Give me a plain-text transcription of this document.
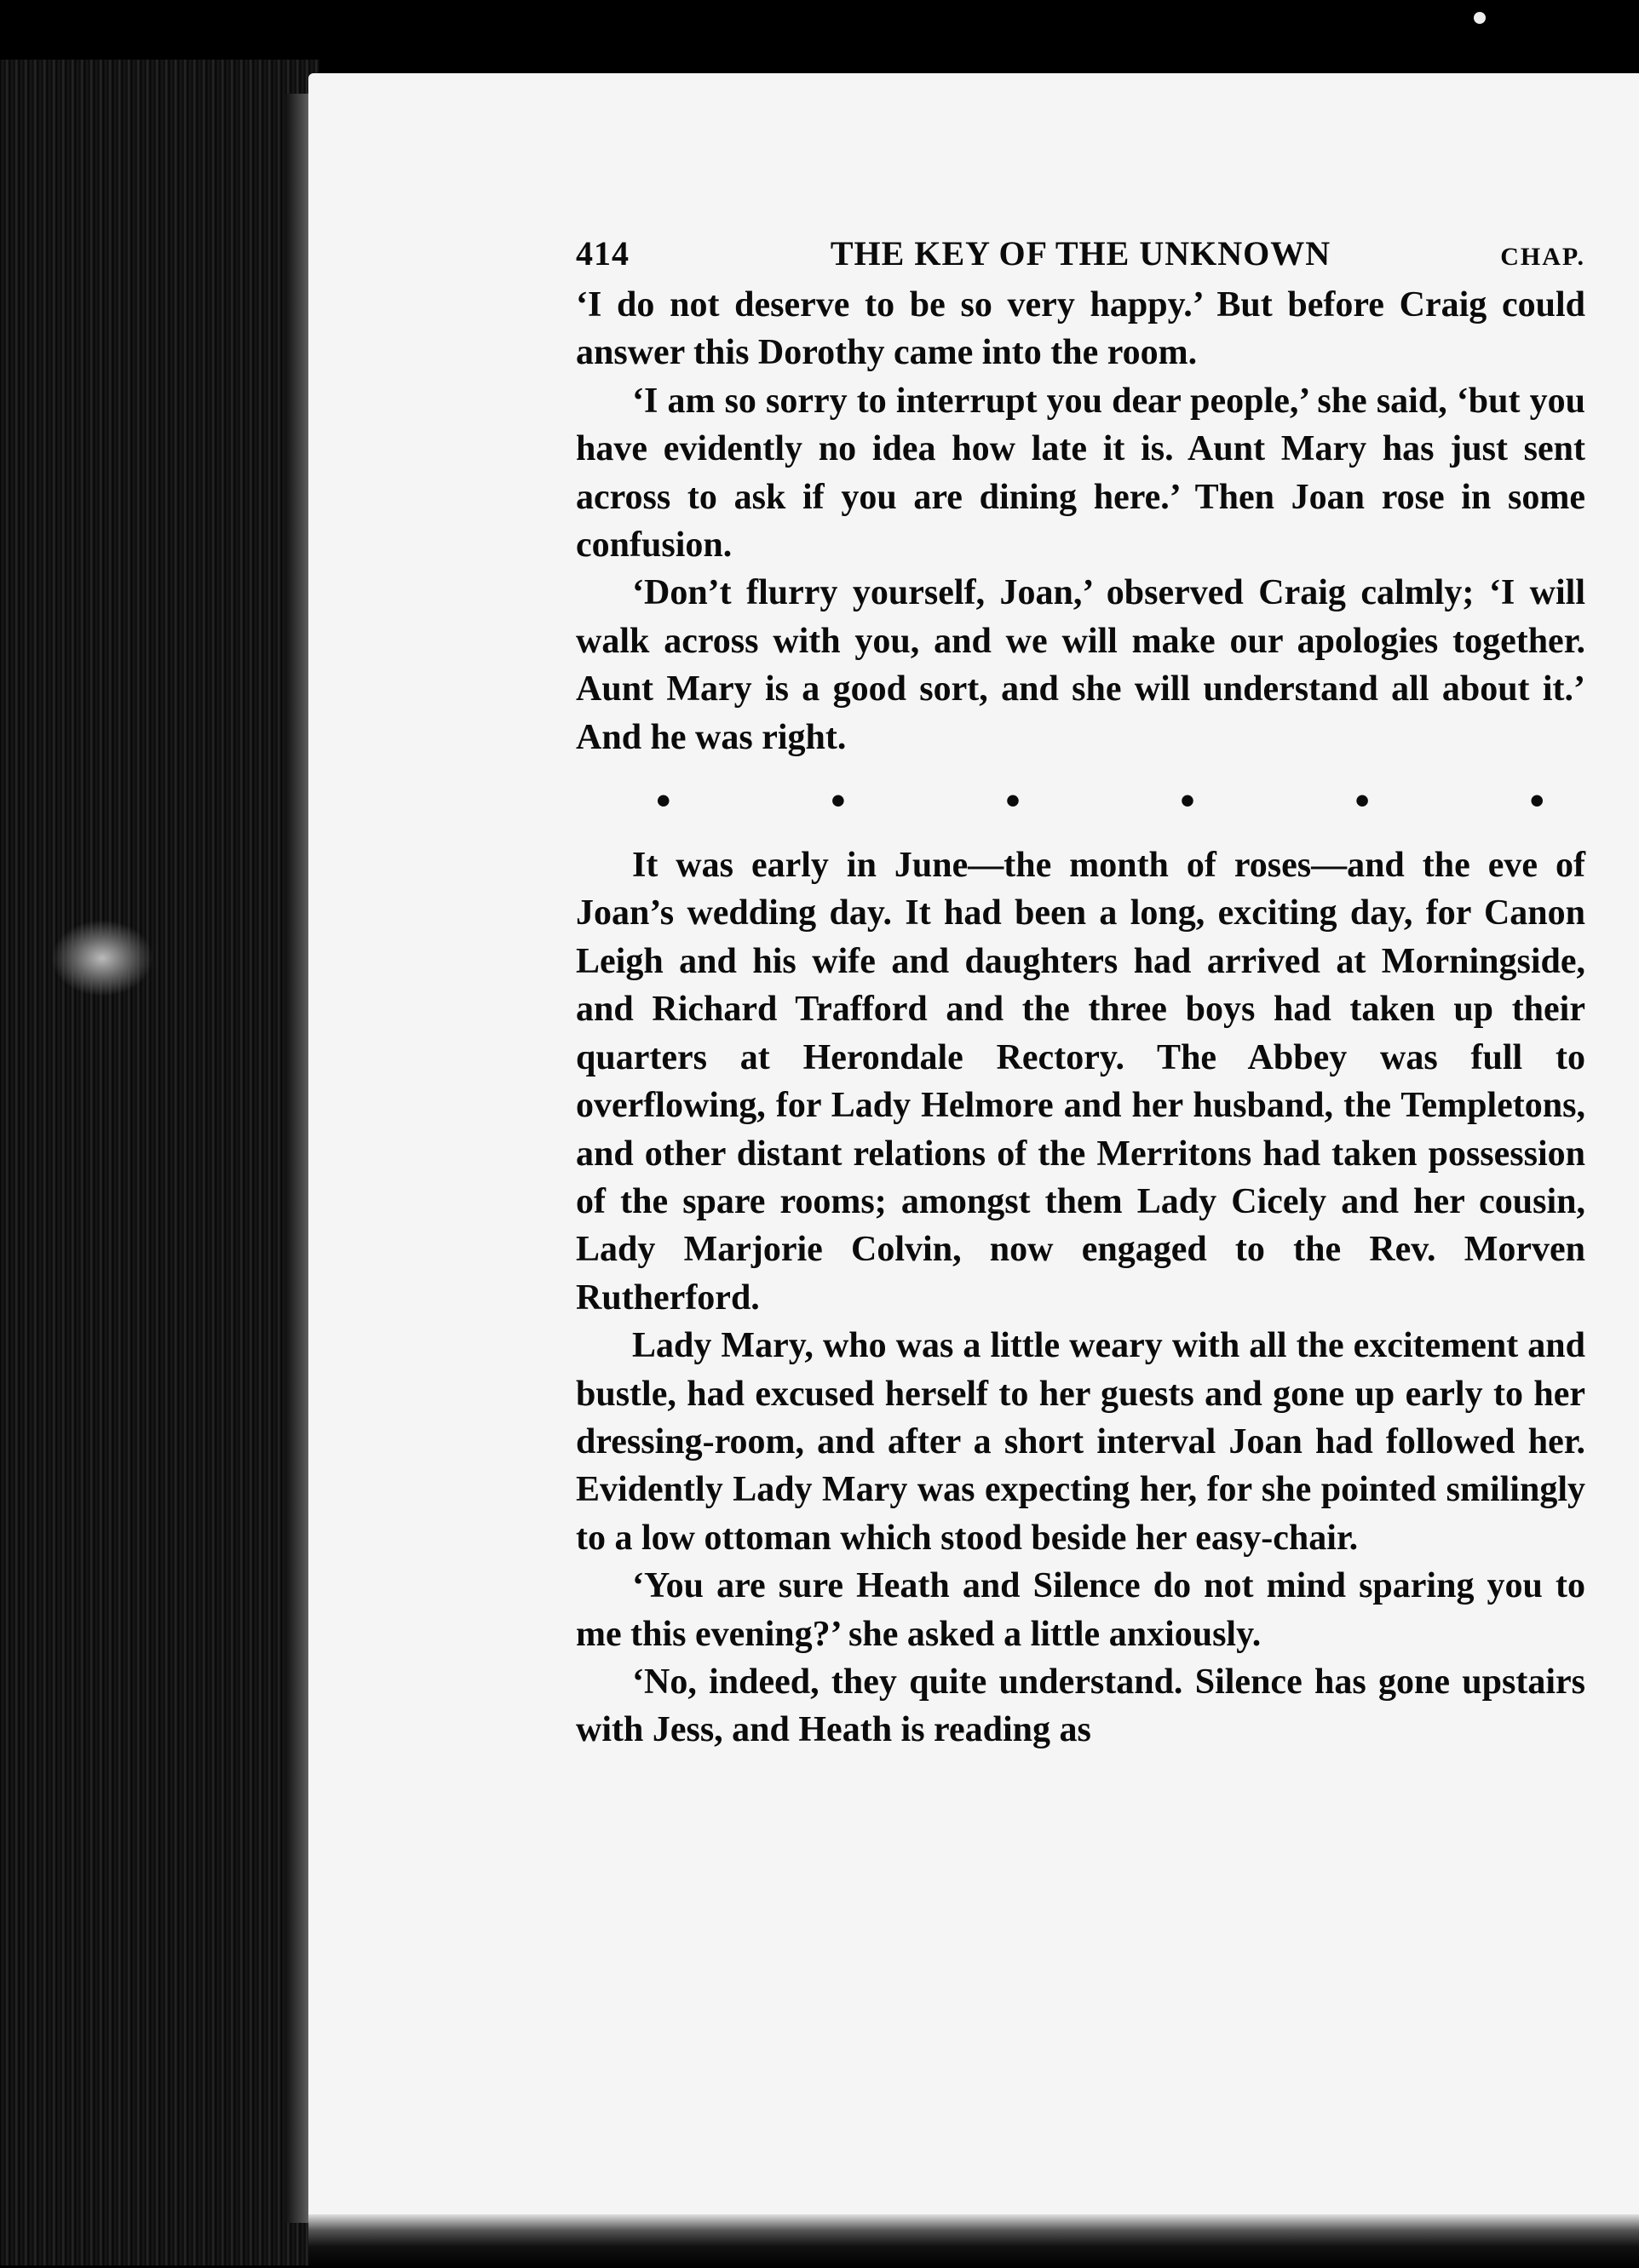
414	THE KEY OF THE UNKNOWN	CHAP.

‘I do not deserve to be so very happy.’ But before Craig could answer this Dorothy came into the room.

‘I am so sorry to interrupt you dear people,’ she said, ‘but you have evidently no idea how late it is. Aunt Mary has just sent across to ask if you are dining here.’ Then Joan rose in some confusion.

‘Don’t flurry yourself, Joan,’ observed Craig calmly; ‘I will walk across with you, and we will make our apologies together. Aunt Mary is a good sort, and she will understand all about it.’ And he was right.

•	•	•	•	•	•

It was early in June—the month of roses—and the eve of Joan’s wedding day. It had been a long, exciting day, for Canon Leigh and his wife and daughters had arrived at Morningside, and Richard Trafford and the three boys had taken up their quarters at Herondale Rectory. The Abbey was full to overflowing, for Lady Helmore and her husband, the Templetons, and other distant relations of the Merritons had taken possession of the spare rooms; amongst them Lady Cicely and her cousin, Lady Marjorie Colvin, now engaged to the Rev. Morven Rutherford.

Lady Mary, who was a little weary with all the excitement and bustle, had excused herself to her guests and gone up early to her dressing-room, and after a short interval Joan had followed her. Evidently Lady Mary was expecting her, for she pointed smilingly to a low ottoman which stood beside her easy-chair.

‘You are sure Heath and Silence do not mind sparing you to me this evening?’ she asked a little anxiously.

‘No, indeed, they quite understand. Silence has gone upstairs with Jess, and Heath is reading as
